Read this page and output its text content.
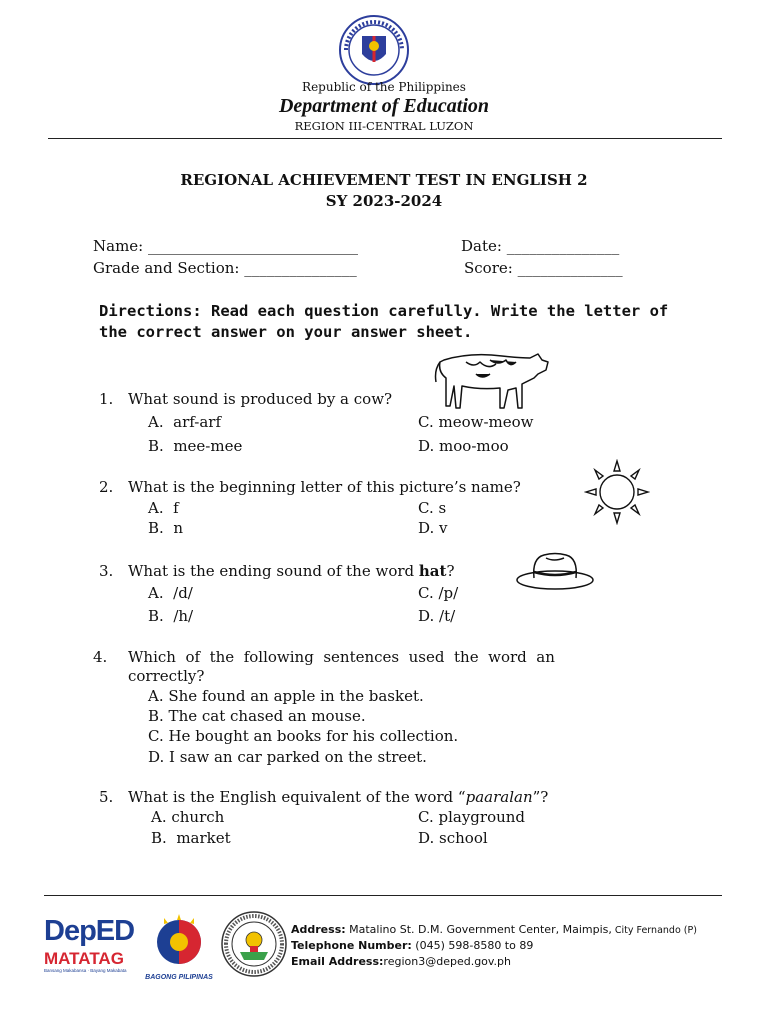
Republic of the Philippines
Department of Education
REGION III-CENTRAL LUZON
REGIONAL ACHIEVEMENT TEST IN ENGLISH 2
SY 2023-2024
Name: ____________________________	Date: _______________
Grade and Section: _______________	Score: ______________
Directions: Read each question carefully. Write the letter of
the correct answer on your answer sheet.
1. What sound is produced by a cow?
A.  arf-arf	C. meow-meow
B.  mee-mee	D. moo-moo
2. What is the beginning letter of this picture’s name?
A.  f	C. s
B.  n	D. v
3. What is the ending sound of the word hat?
A.  /d/	C. /p/
B.  /h/	D. /t/
4. Which  of  the  following  sentences  used  the  word  an
correctly?
A. She found an apple in the basket.
B. The cat chased an mouse.
C. He bought an books for his collection.
D. I saw an car parked on the street.
5. What is the English equivalent of the word “paaralan”?
A. church	C. playground
B.  market	D. school
DepED
MATATAG
Bansang Makabansa · Bayang Makabata
BAGONG PILIPINAS
Address: Matalino St. D.M. Government Center, Maimpis, City Fernando (P)
Telephone Number: (045) 598-8580 to 89
Email Address:region3@deped.gov.ph
